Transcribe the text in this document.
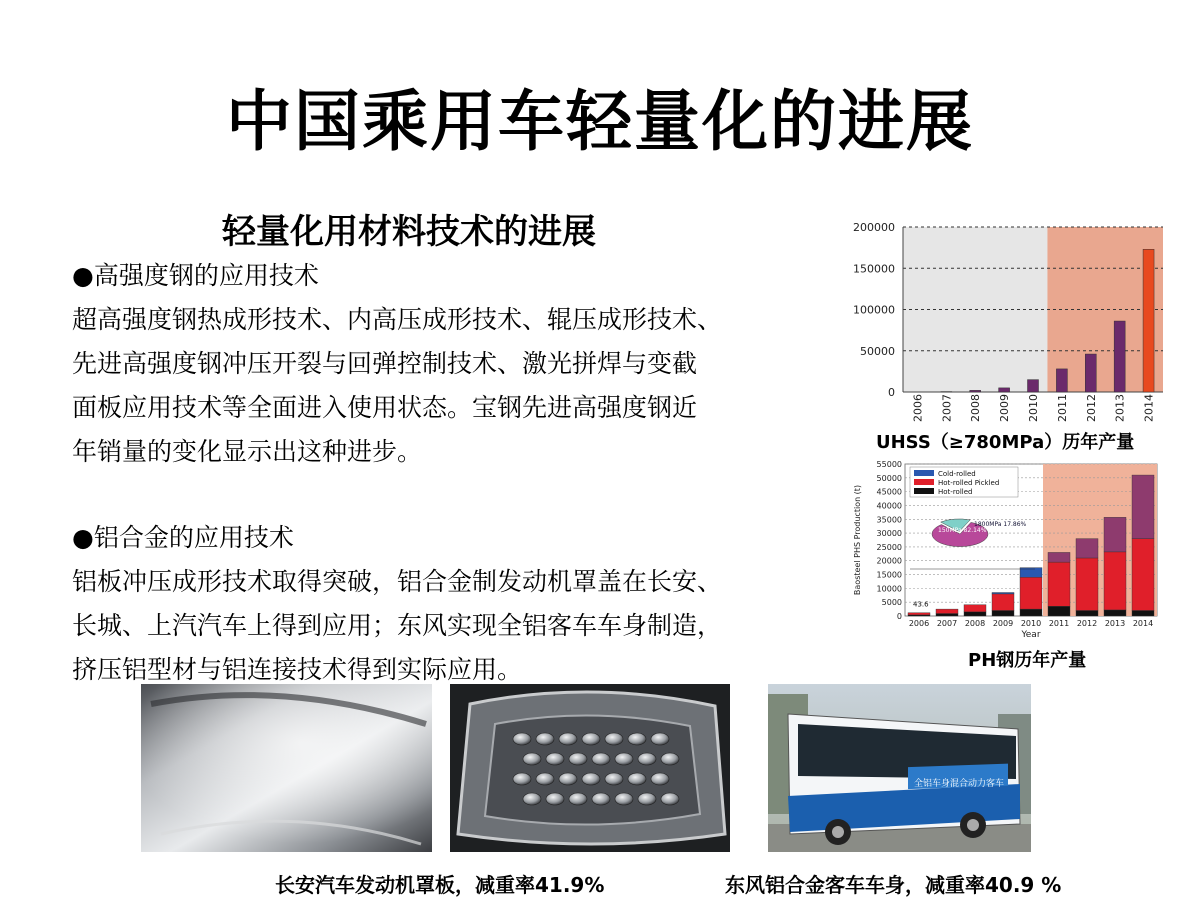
中国乘用车轻量化的进展
轻量化用材料技术的进展
●高强度钢的应用技术
超高强度钢热成形技术、内高压成形技术、辊压成形技术、
先进高强度钢冲压开裂与回弹控制技术、激光拼焊与变截
面板应用技术等全面进入使用状态。宝钢先进高强度钢近
年销量的变化显示出这种进步。
●铝合金的应用技术
铝板冲压成形技术取得突破，铝合金制发动机罩盖在长安、
长城、上汽汽车上得到应用；东风实现全铝客车车身制造，
挤压铝型材与铝连接技术得到实际应用。
0
50000
100000
150000
200000
2006 2007 2008 2009 2010 2011 2012 2013 2014
UHSS（≥780MPa）历年产量
0
5000
10000
15000
20000
25000
30000
35000
40000
45000
50000
55000
2006 2007 2008 2009 2010 2011 2012 2013 2014
Year
Baosteel PHS Production (t)
Cold-rolled
Hot-rolled Pickled
Hot-rolled
150MPa 82.14%
1800MPa 17.86%
43.6
PH钢历年产量
全铝车身混合动力客车
长安汽车发动机罩板，减重率41.9%	东风铝合金客车车身，减重率40.9 %
